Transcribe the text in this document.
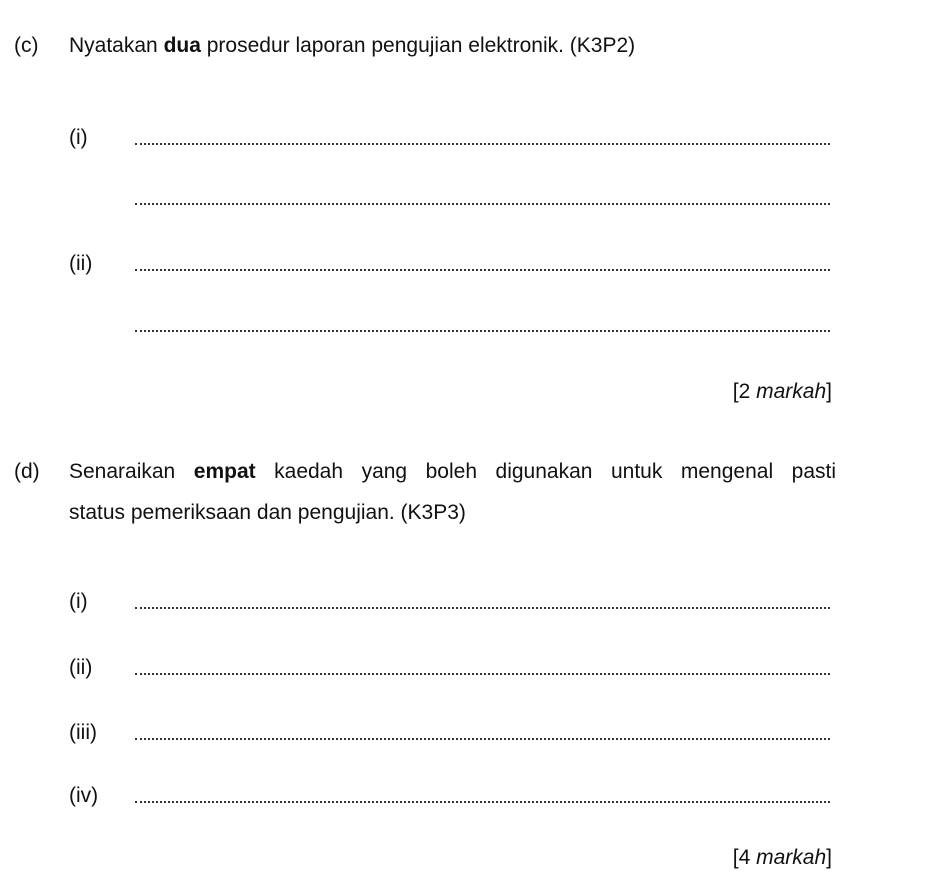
(c) Nyatakan dua prosedur laporan pengujian elektronik. (K3P2)
(i)
(ii)
[2 markah]
(d) Senaraikan empat kaedah yang boleh digunakan untuk mengenal pasti
status pemeriksaan dan pengujian. (K3P3)
(i)
(ii)
(iii)
(iv)
[4 markah]
